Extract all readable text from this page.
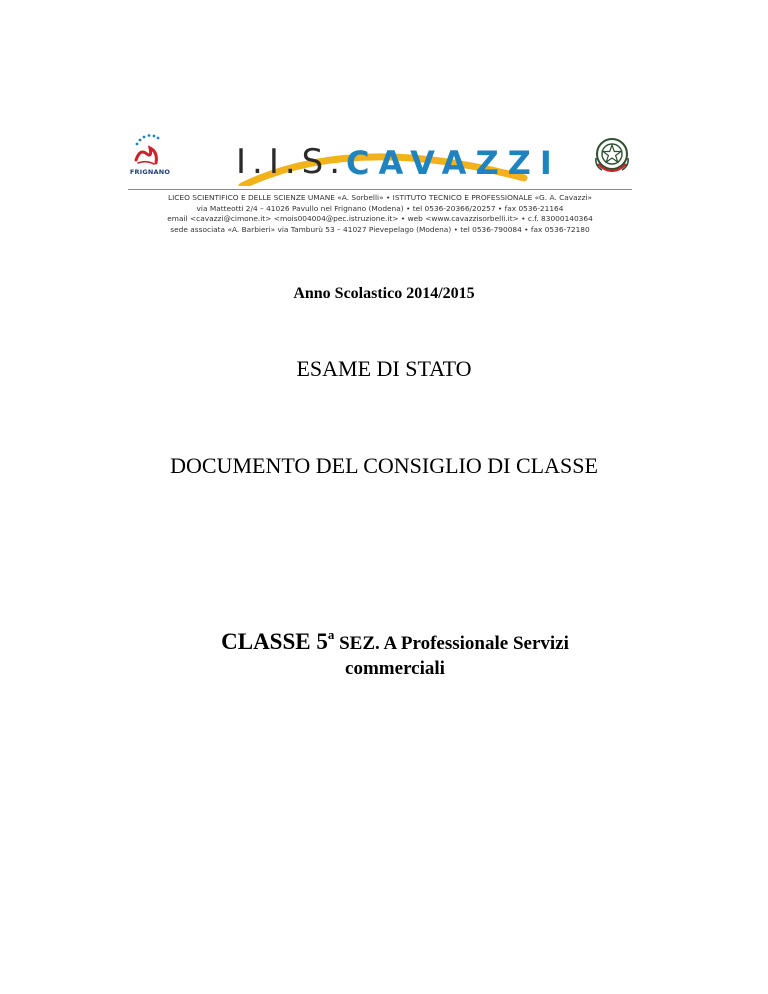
FRIGNANO I.I.S. CAVAZZI
LICEO SCIENTIFICO E DELLE SCIENZE UMANE «A. Sorbelli» • ISTITUTO TECNICO E PROFESSIONALE «G. A. Cavazzi»
via Matteotti 2/4 – 41026 Pavullo nel Frignano (Modena) • tel 0536-20366/20257 • fax 0536-21164
email <cavazzi@cimone.it> <mois004004@pec.istruzione.it> • web <www.cavazzisorbelli.it> • c.f. 83000140364
sede associata «A. Barbieri» via Tamburù 53 – 41027 Pievepelago (Modena) • tel 0536-790084 • fax 0536-72180
Anno Scolastico 2014/2015
ESAME DI STATO
DOCUMENTO DEL CONSIGLIO DI CLASSE
CLASSE 5$^a$ SEZ. A Professionale Servizi
commerciali
